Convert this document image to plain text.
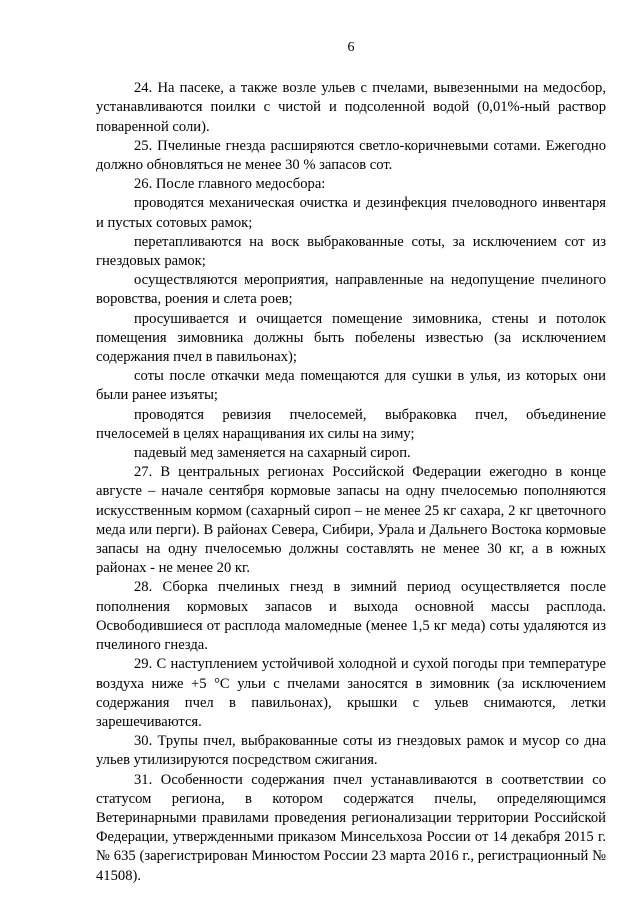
6

24. На пасеке, а также возле ульев с пчелами, вывезенными на медосбор, устанавливаются поилки с чистой и подсоленной водой (0,01%-ный раствор поваренной соли).

25. Пчелиные гнезда расширяются светло-коричневыми сотами. Ежегодно должно обновляться не менее 30 % запасов сот.

26. После главного медосбора:

проводятся механическая очистка и дезинфекция пчеловодного инвентаря и пустых сотовых рамок;

перетапливаются на воск выбракованные соты, за исключением сот из гнездовых рамок;

осуществляются мероприятия, направленные на недопущение пчелиного воровства, роения и слета роев;

просушивается и очищается помещение зимовника, стены и потолок помещения зимовника должны быть побелены известью (за исключением содержания пчел в павильонах);

соты после откачки меда помещаются для сушки в улья, из которых они были ранее изъяты;

проводятся ревизия пчелосемей, выбраковка пчел, объединение пчелосемей в целях наращивания их силы на зиму;

падевый мед заменяется на сахарный сироп.

27. В центральных регионах Российской Федерации ежегодно в конце августе – начале сентября кормовые запасы на одну пчелосемью пополняются искусственным кормом (сахарный сироп – не менее 25 кг сахара, 2 кг цветочного меда или перги). В районах Севера, Сибири, Урала и Дальнего Востока кормовые запасы на одну пчелосемью должны составлять не менее 30 кг, а в южных районах - не менее 20 кг.

28. Сборка пчелиных гнезд в зимний период осуществляется после пополнения кормовых запасов и выхода основной массы расплода. Освободившиеся от расплода маломедные (менее 1,5 кг меда) соты удаляются из пчелиного гнезда.

29. С наступлением устойчивой холодной и сухой погоды при температуре воздуха ниже +5 °С ульи с пчелами заносятся в зимовник (за исключением содержания пчел в павильонах), крышки с ульев снимаются, летки зарешечиваются.

30. Трупы пчел, выбракованные соты из гнездовых рамок и мусор со дна ульев утилизируются посредством сжигания.

31. Особенности содержания пчел устанавливаются в соответствии со статусом региона, в котором содержатся пчелы, определяющимся Ветеринарными правилами проведения регионализации территории Российской Федерации, утвержденными приказом Минсельхоза России от 14 декабря 2015 г. № 635 (зарегистрирован Минюстом России 23 марта 2016 г., регистрационный № 41508).
